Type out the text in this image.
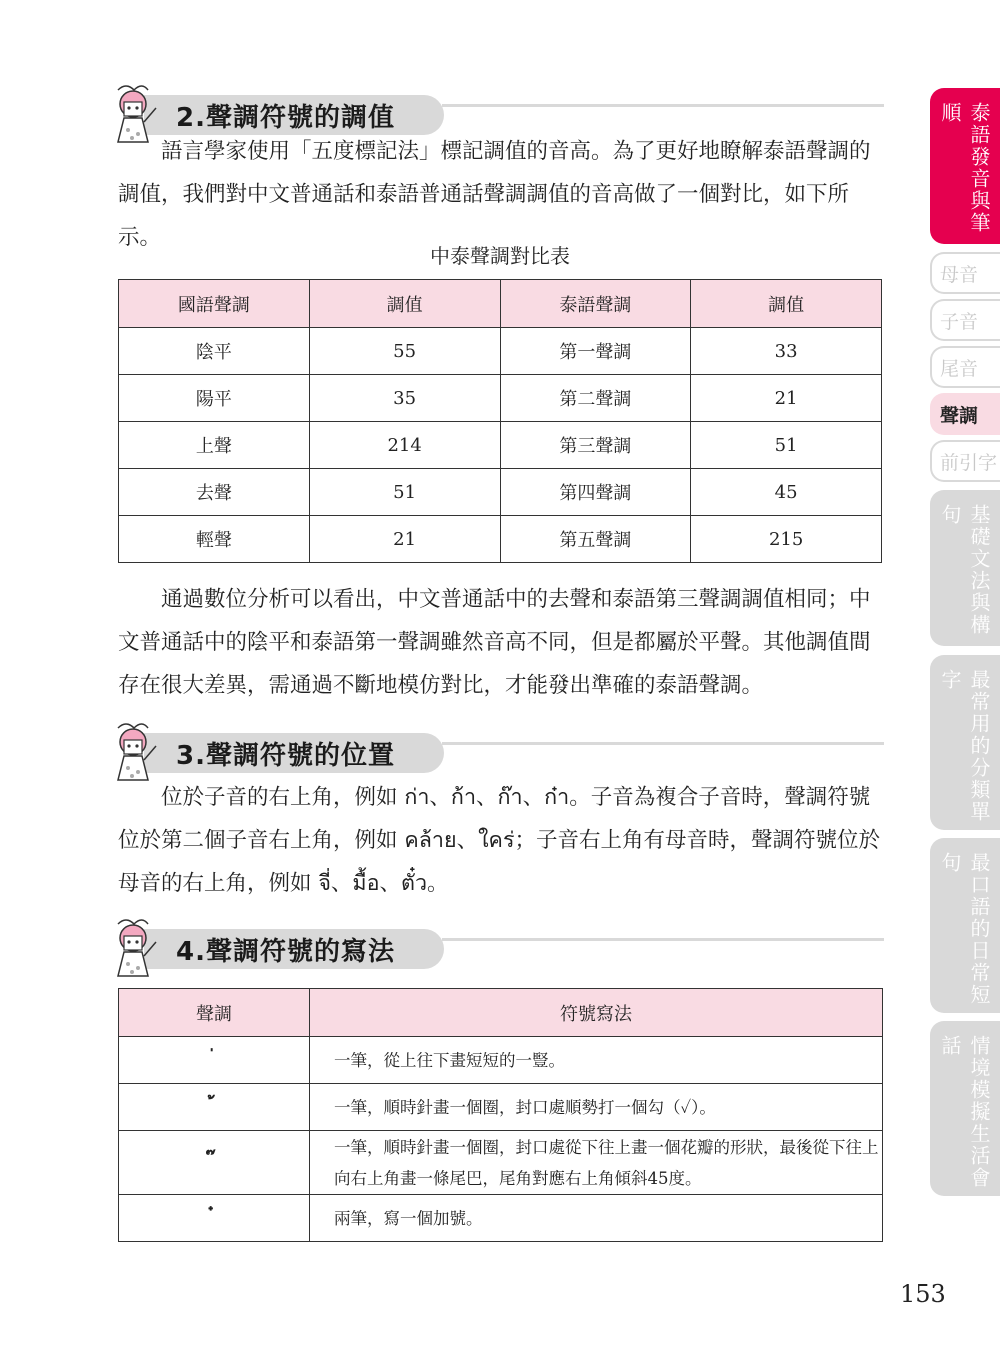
2.聲調符號的調值

語言學家使用「五度標記法」標記調值的音高。為了更好地瞭解泰語聲調的調值，我們對中文普通話和泰語普通話聲調調值的音高做了一個對比，如下所示。

中泰聲調對比表
國語聲調	調值	泰語聲調	調值
陰平	55	第一聲調	33
陽平	35	第二聲調	21
上聲	214	第三聲調	51
去聲	51	第四聲調	45
輕聲	21	第五聲調	215

通過數位分析可以看出，中文普通話中的去聲和泰語第三聲調調值相同；中文普通話中的陰平和泰語第一聲調雖然音高不同，但是都屬於平聲。其他調值間存在很大差異，需通過不斷地模仿對比，才能發出準確的泰語聲調。

3.聲調符號的位置

位於子音的右上角，例如 ก่า、ก้า、ก๊า、ก๋า。子音為複合子音時，聲調符號位於第二個子音右上角，例如 คล้าย、ใคร่；子音右上角有母音時，聲調符號位於母音的右上角，例如 จี่、มื้อ、ตั๋ว。

4.聲調符號的寫法
聲調	符號寫法
	一筆，從上往下畫短短的一豎。
	一筆，順時針畫一個圈，封口處順勢打一個勾（✓）。
	一筆，順時針畫一個圈，封口處從下往上畫一個花瓣的形狀，最後從下往上向右上角畫一條尾巴，尾角對應右上角傾斜45度。
	兩筆，寫一個加號。
泰語發音與筆順
母音
子音
尾音
聲調
前引字
基礎文法與構句
最常用的分類單字
最口語的日常短句
情境模擬生活會話
153
